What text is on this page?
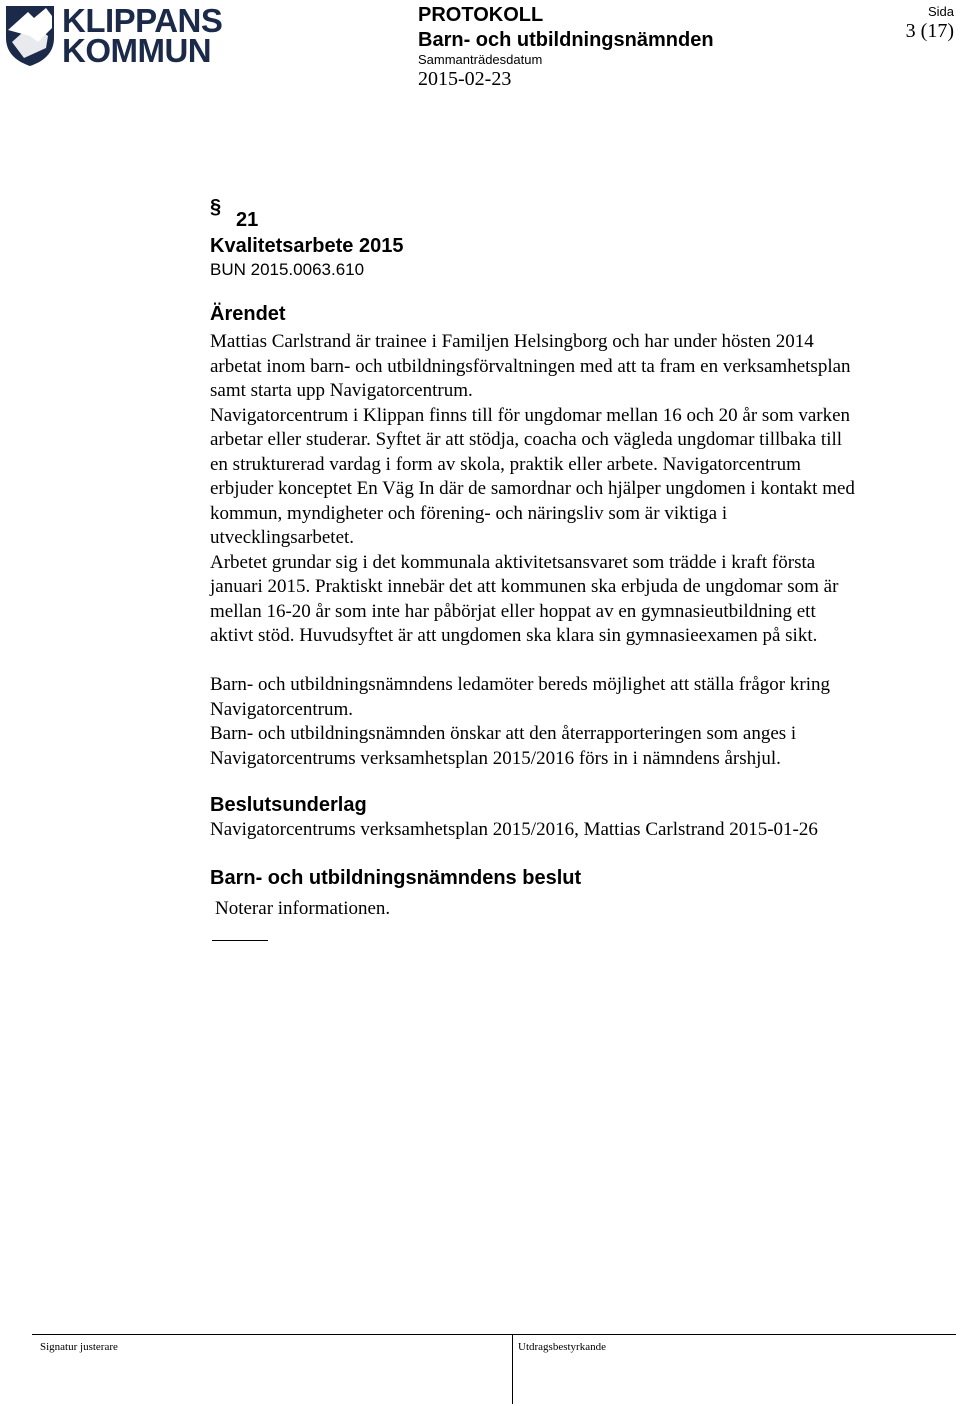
KLIPPANS
KOMMUN
PROTOKOLL
Barn- och utbildningsnämnden
Sammanträdesdatum
2015-02-23
Sida
3 (17)
§
21
Kvalitetsarbete 2015
BUN 2015.0063.610
Ärendet
Mattias Carlstrand är trainee i Familjen Helsingborg och har under hösten 2014
arbetat inom barn- och utbildningsförvaltningen med att ta fram en verksamhetsplan
samt starta upp Navigatorcentrum.
Navigatorcentrum i Klippan finns till för ungdomar mellan 16 och 20 år som varken
arbetar eller studerar. Syftet är att stödja, coacha och vägleda ungdomar tillbaka till
en strukturerad vardag i form av skola, praktik eller arbete. Navigatorcentrum
erbjuder konceptet En Väg In där de samordnar och hjälper ungdomen i kontakt med
kommun, myndigheter och förening- och näringsliv som är viktiga i
utvecklingsarbetet.
Arbetet grundar sig i det kommunala aktivitetsansvaret som trädde i kraft första
januari 2015. Praktiskt innebär det att kommunen ska erbjuda de ungdomar som är
mellan 16-20 år som inte har påbörjat eller hoppat av en gymnasieutbildning ett
aktivt stöd. Huvudsyftet är att ungdomen ska klara sin gymnasieexamen på sikt.

Barn- och utbildningsnämndens ledamöter bereds möjlighet att ställa frågor kring
Navigatorcentrum.
Barn- och utbildningsnämnden önskar att den återrapporteringen som anges i
Navigatorcentrums verksamhetsplan 2015/2016 förs in i nämndens årshjul.
Beslutsunderlag
Navigatorcentrums verksamhetsplan 2015/2016, Mattias Carlstrand 2015-01-26
Barn- och utbildningsnämndens beslut
Noterar informationen.
Signatur justerare	Utdragsbestyrkande
